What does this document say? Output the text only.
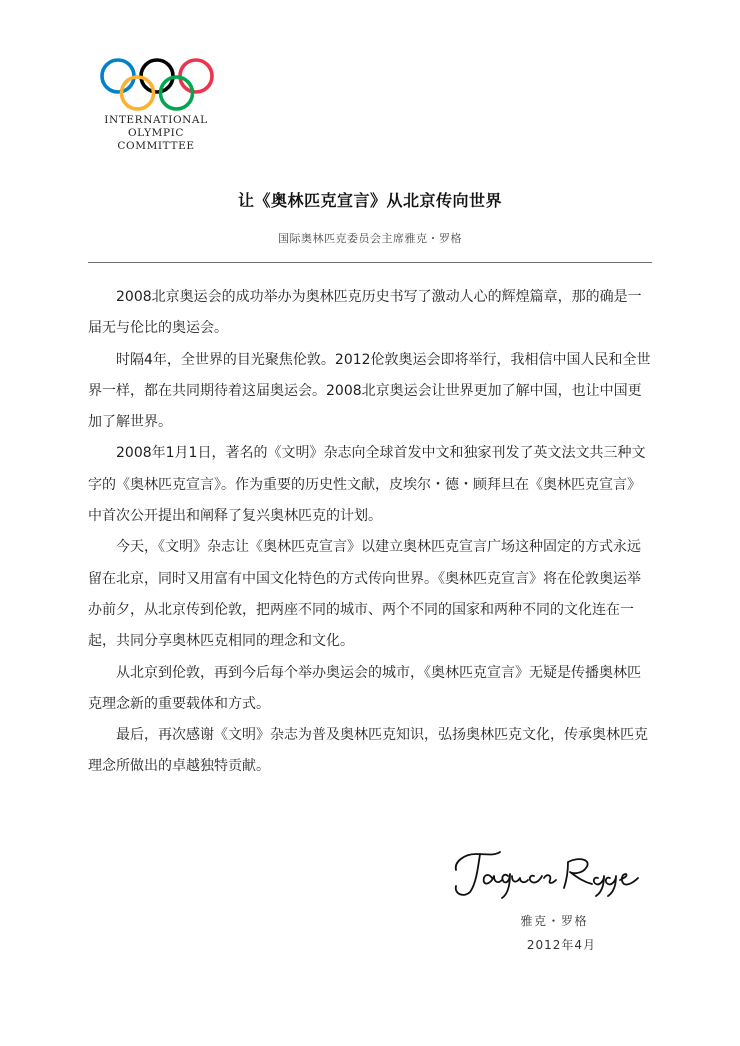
INTERNATIONAL
OLYMPIC
COMMITTEE
让《奥林匹克宣言》从北京传向世界
国际奥林匹克委员会主席雅克・罗格

2008北京奥运会的成功举办为奥林匹克历史书写了激动人心的辉煌篇章，那的确是一届无与伦比的奥运会。

时隔4年，全世界的目光聚焦伦敦。2012伦敦奥运会即将举行，我相信中国人民和全世界一样，都在共同期待着这届奥运会。2008北京奥运会让世界更加了解中国，也让中国更加了解世界。

2008年1月1日，著名的《文明》杂志向全球首发中文和独家刊发了英文法文共三种文字的《奥林匹克宣言》。作为重要的历史性文献，皮埃尔・德・顾拜旦在《奥林匹克宣言》中首次公开提出和阐释了复兴奥林匹克的计划。

今天，《文明》杂志让《奥林匹克宣言》以建立奥林匹克宣言广场这种固定的方式永远留在北京，同时又用富有中国文化特色的方式传向世界。《奥林匹克宣言》将在伦敦奥运举办前夕，从北京传到伦敦，把两座不同的城市、两个不同的国家和两种不同的文化连在一起，共同分享奥林匹克相同的理念和文化。

从北京到伦敦，再到今后每个举办奥运会的城市，《奥林匹克宣言》无疑是传播奥林匹克理念新的重要载体和方式。

最后，再次感谢《文明》杂志为普及奥林匹克知识，弘扬奥林匹克文化，传承奥林匹克理念所做出的卓越独特贡献。

雅克・罗格
2012年4月
